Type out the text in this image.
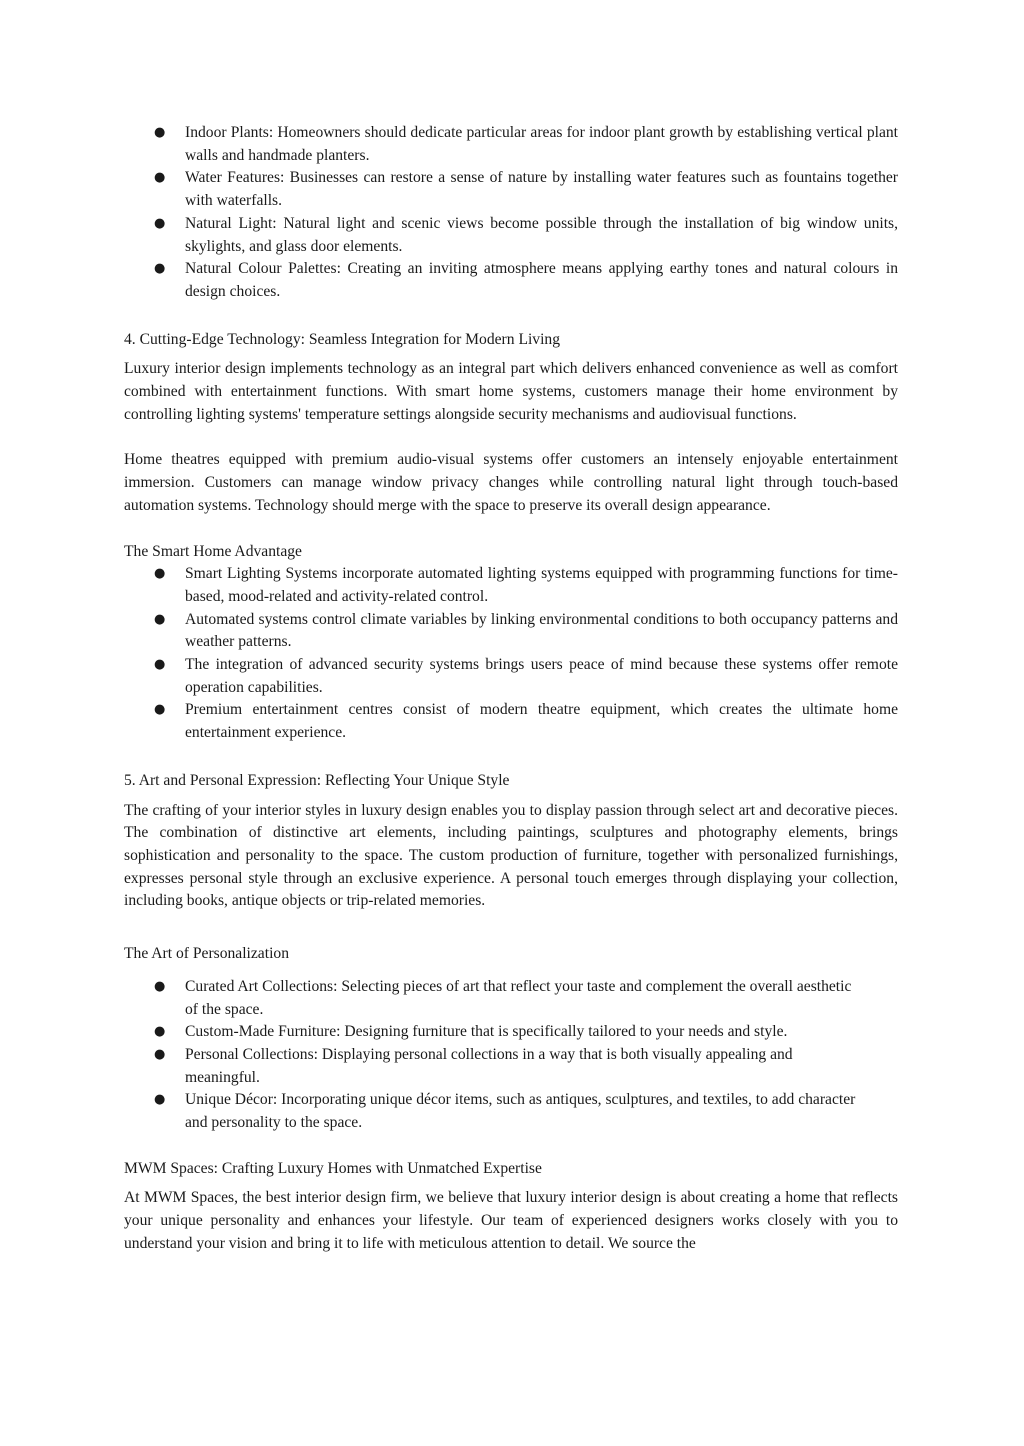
● Indoor Plants: Homeowners should dedicate particular areas for indoor plant growth by establishing vertical plant walls and handmade planters.
● Water Features: Businesses can restore a sense of nature by installing water features such as fountains together with waterfalls.
● Natural Light: Natural light and scenic views become possible through the installation of big window units, skylights, and glass door elements.
● Natural Colour Palettes: Creating an inviting atmosphere means applying earthy tones and natural colours in design choices.

4. Cutting-Edge Technology: Seamless Integration for Modern Living

Luxury interior design implements technology as an integral part which delivers enhanced convenience as well as comfort combined with entertainment functions. With smart home systems, customers manage their home environment by controlling lighting systems' temperature settings alongside security mechanisms and audiovisual functions.

Home theatres equipped with premium audio-visual systems offer customers an intensely enjoyable entertainment immersion. Customers can manage window privacy changes while controlling natural light through touch-based automation systems. Technology should merge with the space to preserve its overall design appearance.

The Smart Home Advantage

● Smart Lighting Systems incorporate automated lighting systems equipped with programming functions for time-based, mood-related and activity-related control.
● Automated systems control climate variables by linking environmental conditions to both occupancy patterns and weather patterns.
● The integration of advanced security systems brings users peace of mind because these systems offer remote operation capabilities.
● Premium entertainment centres consist of modern theatre equipment, which creates the ultimate home entertainment experience.

5. Art and Personal Expression: Reflecting Your Unique Style

The crafting of your interior styles in luxury design enables you to display passion through select art and decorative pieces. The combination of distinctive art elements, including paintings, sculptures and photography elements, brings sophistication and personality to the space. The custom production of furniture, together with personalized furnishings, expresses personal style through an exclusive experience. A personal touch emerges through displaying your collection, including books, antique objects or trip-related memories.

The Art of Personalization

● Curated Art Collections: Selecting pieces of art that reflect your taste and complement the overall aesthetic of the space.
● Custom-Made Furniture: Designing furniture that is specifically tailored to your needs and style.
● Personal Collections: Displaying personal collections in a way that is both visually appealing and meaningful.
● Unique Décor: Incorporating unique décor items, such as antiques, sculptures, and textiles, to add character and personality to the space.

MWM Spaces: Crafting Luxury Homes with Unmatched Expertise

At MWM Spaces, the best interior design firm, we believe that luxury interior design is about creating a home that reflects your unique personality and enhances your lifestyle. Our team of experienced designers works closely with you to understand your vision and bring it to life with meticulous attention to detail. We source the
